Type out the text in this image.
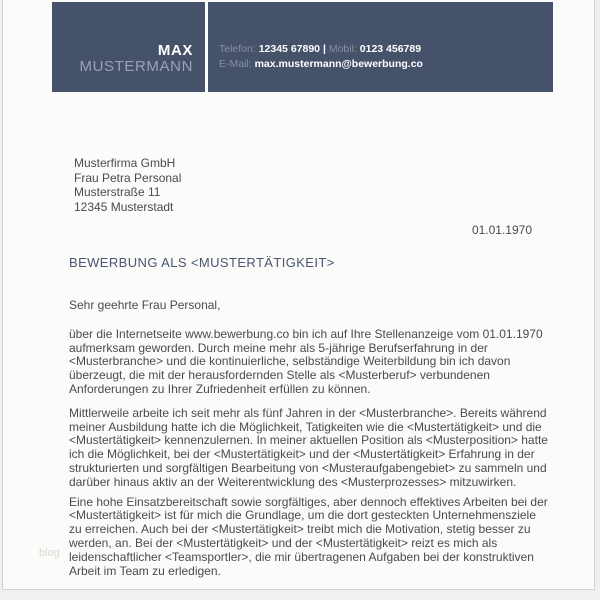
MAX
MUSTERMANN
Telefon: 12345 67890 | Mobil: 0123 456789
E-Mail: max.mustermann@bewerbung.co
Musterfirma GmbH
Frau Petra Personal
Musterstraße 11
12345 Musterstadt
01.01.1970
BEWERBUNG ALS <MUSTERTÄTIGKEIT>
Sehr geehrte Frau Personal,

über die Internetseite www.bewerbung.co bin ich auf Ihre Stellenanzeige vom 01.01.1970 aufmerksam geworden. Durch meine mehr als 5-jährige Berufserfahrung in der <Musterbranche> und die kontinuierliche, selbständige Weiterbildung bin ich davon überzeugt, die mit der herausfordernden Stelle als <Musterberuf> verbundenen Anforderungen zu Ihrer Zufriedenheit erfüllen zu können.

Mittlerweile arbeite ich seit mehr als fünf Jahren in der <Musterbranche>. Bereits während meiner Ausbildung hatte ich die Möglichkeit, Tatigkeiten wie die <Mustertätigkeit> und die <Mustertätigkeit> kennenzulernen. In meiner aktuellen Position als <Musterposition> hatte ich die Möglichkeit, bei der <Mustertätigkeit> und der <Mustertätigkeit> Erfahrung in der strukturierten und sorgfältigen Bearbeitung von <Musteraufgabengebiet> zu sammeln und darüber hinaus aktiv an der Weiterentwicklung des <Musterprozesses> mitzuwirken.

Eine hohe Einsatzbereitschaft sowie sorgfältiges, aber dennoch effektives Arbeiten bei der <Mustertätigkeit> ist für mich die Grundlage, um die dort gesteckten Unternehmensziele zu erreichen. Auch bei der <Mustertätigkeit> treibt mich die Motivation, stetig besser zu werden, an. Bei der <Mustertätigkeit> und der <Mustertätigkeit> reizt es mich als leidenschaftlicher <Teamsportler>, die mir übertragenen Aufgaben bei der konstruktiven Arbeit im Team zu erledigen.

blog
